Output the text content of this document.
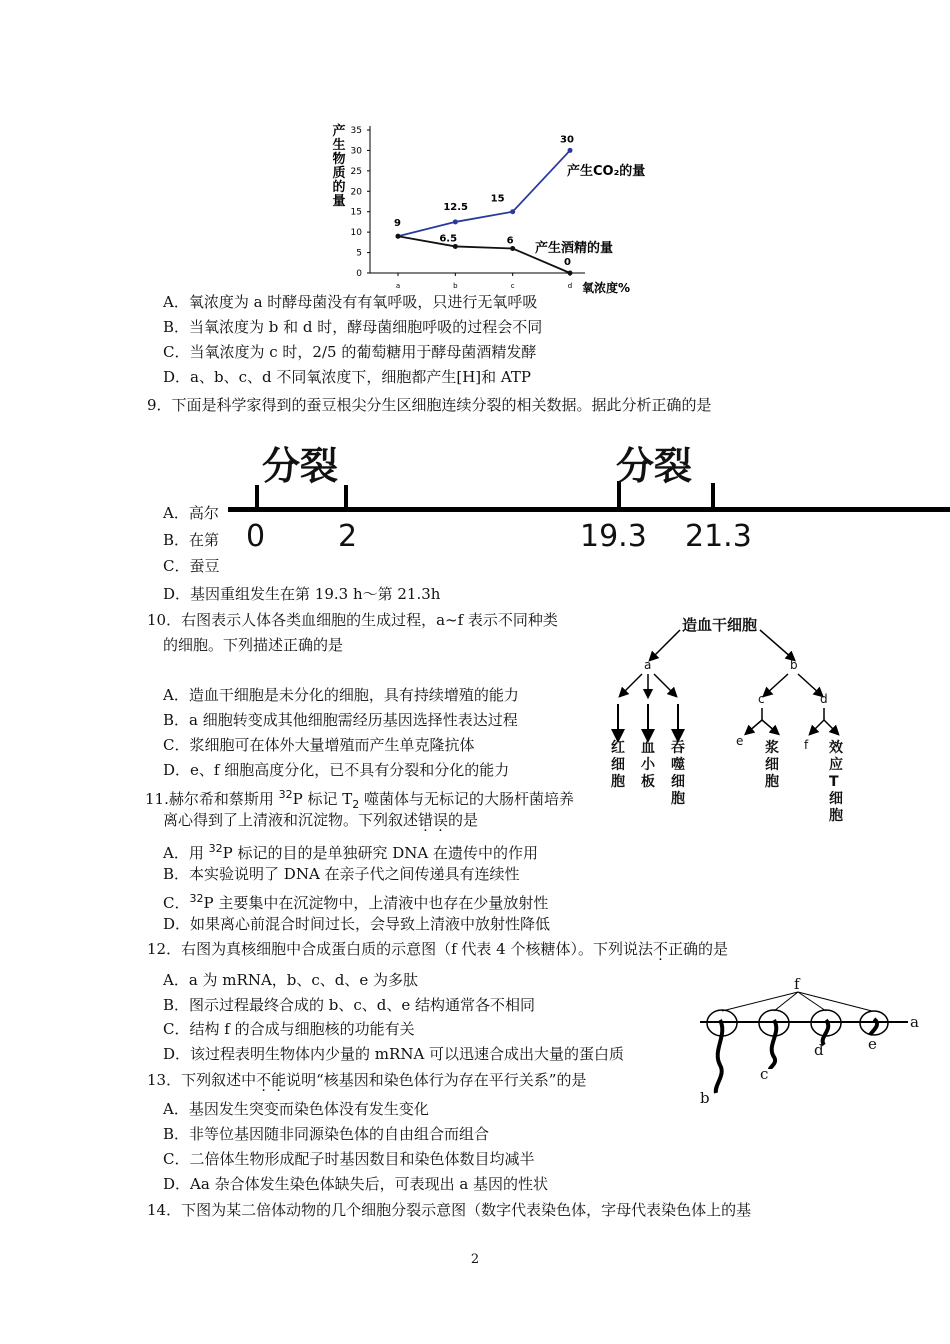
0
5
10
15
20
25
30
35
a	b	c	d
产
生
物
质
的
量
氧浓度%
9
12.5
15
30
6.5	6
0
产生CO₂的量
产生酒精的量
A．氧浓度为 a 时酵母菌没有有氧呼吸，只进行无氧呼吸
B．当氧浓度为 b 和 d 时，酵母菌细胞呼吸的过程会不同
C．当氧浓度为 c 时，2/5 的葡萄糖用于酵母菌酒精发酵
D．a、b、c、d 不同氧浓度下，细胞都产生[H]和 ATP
9．下面是科学家得到的蚕豆根尖分生区细胞连续分裂的相关数据。据此分析正确的是
A．高尔
B．在第
C．蚕豆
D．基因重组发生在第 19.3 h～第 21.3h
分裂	分裂
0 2	19.3 21.3
10．右图表示人体各类血细胞的生成过程，a~f 表示不同种类
的细胞。下列描述正确的是
A．造血干细胞是未分化的细胞，具有持续增殖的能力
B．a 细胞转变成其他细胞需经历基因选择性表达过程
C．浆细胞可在体外大量增殖而产生单克隆抗体
D．e、f 细胞高度分化，已不具有分裂和分化的能力
造血干细胞
a	b
c	d
e	f
红细胞
血小板
吞噬细胞
浆细胞
效应T细胞
11.赫尔希和蔡斯用 $^{32}$P 标记 $T_2$ 噬菌体与无标记的大肠杆菌培养
离心得到了上清液和沉淀物。下列叙述错误的是
A．用 $^{32}$P 标记的目的是单独研究 DNA 在遗传中的作用
B．本实验说明了 DNA 在亲子代之间传递具有连续性
C．$^{32}$P 主要集中在沉淀物中，上清液中也存在少量放射性
D．如果离心前混合时间过长，会导致上清液中放射性降低
12．右图为真核细胞中合成蛋白质的示意图（f 代表 4 个核糖体）。下列说法不正确的是
A．a 为 mRNA，b、c、d、e 为多肽
B．图示过程最终合成的 b、c、d、e 结构通常各不相同
C．结构 f 的合成与细胞核的功能有关
D．该过程表明生物体内少量的 mRNA 可以迅速合成出大量的蛋白质
f
a
b
c
d	e
13．下列叙述中不能说明“核基因和染色体行为存在平行关系”的是
A．基因发生突变而染色体没有发生变化
B．非等位基因随非同源染色体的自由组合而组合
C．二倍体生物形成配子时基因数目和染色体数目均减半
D．Aa 杂合体发生染色体缺失后，可表现出 a 基因的性状
14．下图为某二倍体动物的几个细胞分裂示意图（数字代表染色体，字母代表染色体上的基
2
